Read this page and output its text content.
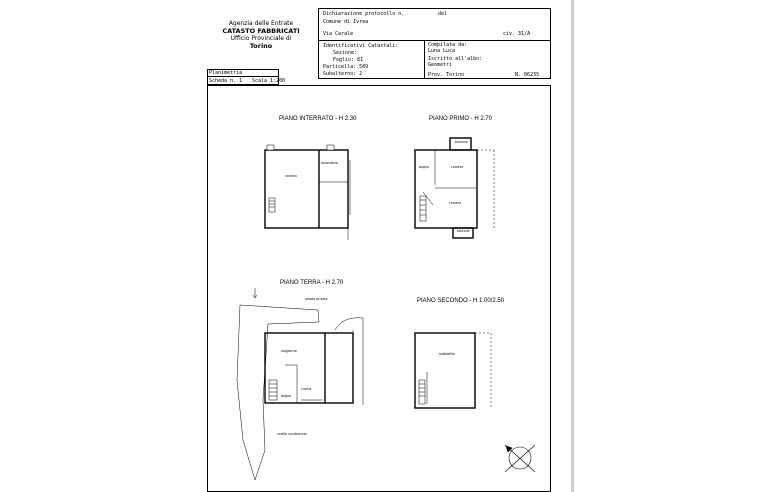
Agenzia delle Entrate
CATASTO FABBRICATI
Ufficio Provinciale di
Torino
Dichiarazione protocollo n.	del
Comune di Ivrea
Via Carale	civ. 31/A
Identificativi Catastali:
Sezione:
Foglio: 61
Particella: 589
Subalterno: 2
Compilata da:
Luna Luca
Iscritto all'albo:
Geometri
Prov. Torino	N. 06235
Planimetria
Scheda n. 1 Scala 1:200
PIANO INTERRATO - H 2.30	PIANO PRIMO - H 2.70
PIANO TERRA - H 2.70
PIANO SECONDO - H 1.00/2.50
cantina
lavanderia
balcone
bagno	camera
camera
balcone
soggiorno
cucina
bagno
cortile condominio
strada privata
sottotetto
